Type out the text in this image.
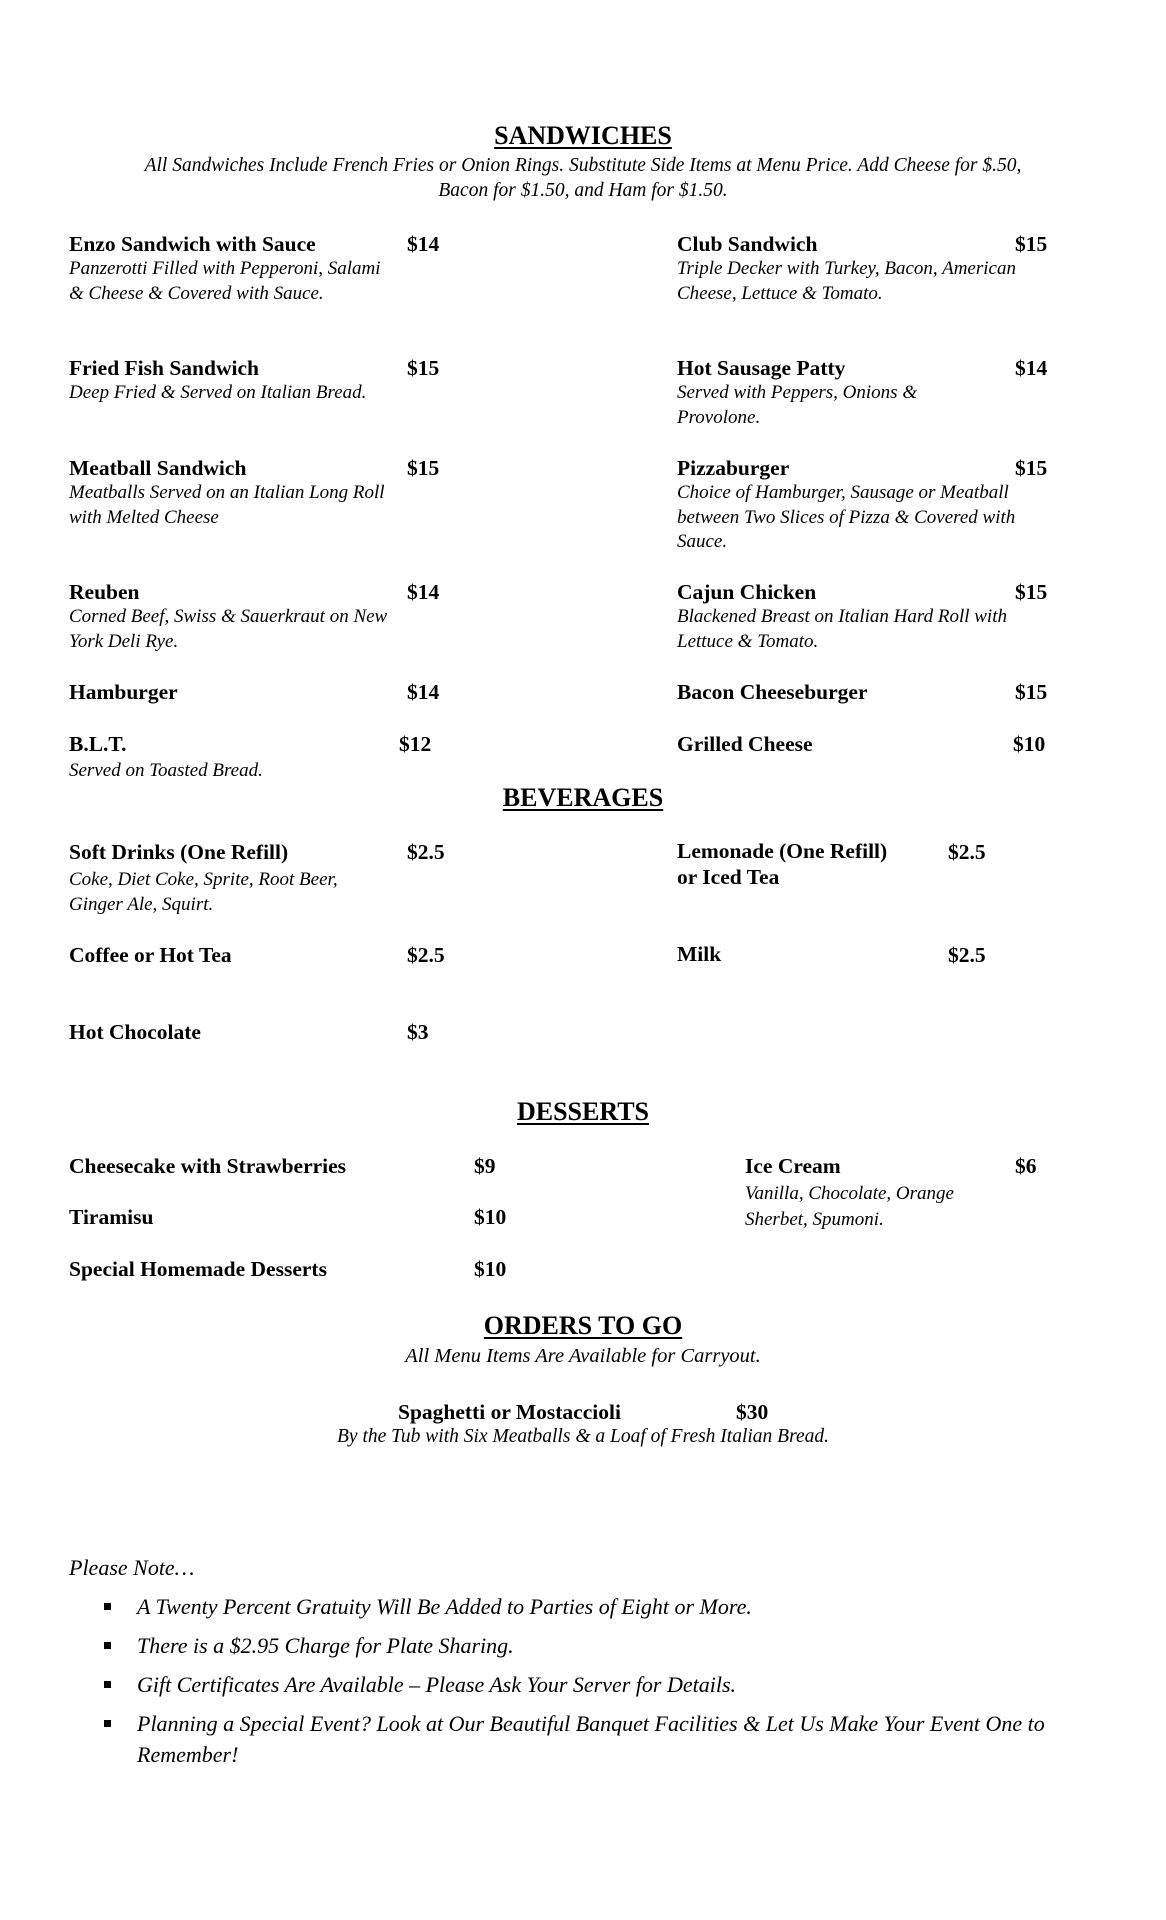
SANDWICHES
All Sandwiches Include French Fries or Onion Rings. Substitute Side Items at Menu Price. Add Cheese for $.50,
Bacon for $1.50, and Ham for $1.50.
Enzo Sandwich with Sauce	$14
Panzerotti Filled with Pepperoni, Salami & Cheese & Covered with Sauce.
Club Sandwich	$15
Triple Decker with Turkey, Bacon, American Cheese, Lettuce & Tomato.
Fried Fish Sandwich	$15
Deep Fried & Served on Italian Bread.
Hot Sausage Patty	$14
Served with Peppers, Onions & Provolone.
Meatball Sandwich	$15
Meatballs Served on an Italian Long Roll with Melted Cheese
Pizzaburger	$15
Choice of Hamburger, Sausage or Meatball between Two Slices of Pizza & Covered with Sauce.
Reuben	$14
Corned Beef, Swiss & Sauerkraut on New York Deli Rye.
Cajun Chicken	$15
Blackened Breast on Italian Hard Roll with Lettuce & Tomato.
Hamburger	$14	Bacon Cheeseburger	$15
B.L.T.	$12
Served on Toasted Bread.
Grilled Cheese	$10
BEVERAGES
Soft Drinks (One Refill)	$2.5
Coke, Diet Coke, Sprite, Root Beer, Ginger Ale, Squirt.
Lemonade (One Refill) or Iced Tea
$2.5
Coffee or Hot Tea	$2.5	Milk	$2.5
Hot Chocolate	$3
DESSERTS
Cheesecake with Strawberries	$9	Ice Cream	$6
Vanilla, Chocolate, Orange Sherbet, Spumoni.
Tiramisu	$10
Special Homemade Desserts	$10
ORDERS TO GO
All Menu Items Are Available for Carryout.
Spaghetti or Mostaccioli	$30
By the Tub with Six Meatballs & a Loaf of Fresh Italian Bread.
Please Note…
A Twenty Percent Gratuity Will Be Added to Parties of Eight or More.
There is a $2.95 Charge for Plate Sharing.
Gift Certificates Are Available – Please Ask Your Server for Details.
Planning a Special Event? Look at Our Beautiful Banquet Facilities & Let Us Make Your Event One to Remember!
